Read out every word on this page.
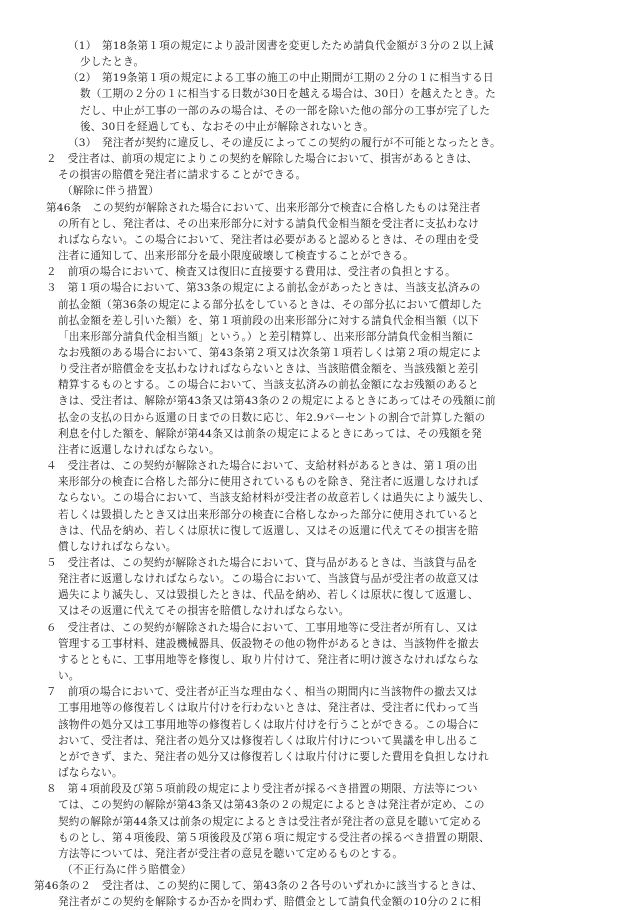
（1）　第18条第１項の規定により設計図書を変更したため請負代金額が３分の２以上減

少したとき。

（2）　第19条第１項の規定による工事の施工の中止期間が工期の２分の１に相当する日

数（工期の２分の１に相当する日数が30日を越える場合は、30日）を越えたとき。た

だし、中止が工事の一部のみの場合は、その一部を除いた他の部分の工事が完了した

後、30日を経過しても、なおその中止が解除されないとき。

（3）　発注者が契約に違反し、その違反によってこの契約の履行が不可能となったとき。

２　受注者は、前項の規定によりこの契約を解除した場合において、損害があるときは、

その損害の賠償を発注者に請求することができる。

（解除に伴う措置）

第46条　この契約が解除された場合において、出来形部分で検査に合格したものは発注者

の所有とし、発注者は、その出来形部分に対する請負代金相当額を受注者に支払わなけ

ればならない。この場合において、発注者は必要があると認めるときは、その理由を受

注者に通知して、出来形部分を最小限度破壊して検査することができる。

２　前項の場合において、検査又は復旧に直接要する費用は、受注者の負担とする。

３　第１項の場合において、第33条の規定による前払金があったときは、当該支払済みの

前払金額（第36条の規定による部分払をしているときは、その部分払において償却した

前払金額を差し引いた額）を、第１項前段の出来形部分に対する請負代金相当額（以下

「出来形部分請負代金相当額」という。）と差引精算し、出来形部分請負代金相当額に

なお残額のある場合において、第43条第２項又は次条第１項若しくは第２項の規定によ

り受注者が賠償金を支払わなければならないときは、当該賠償金額を、当該残額と差引

精算するものとする。この場合において、当該支払済みの前払金額になお残額のあると

きは、受注者は、解除が第43条又は第43条の２の規定によるときにあってはその残額に前

払金の支払の日から返還の日までの日数に応じ、年2.9パーセントの割合で計算した額の

利息を付した額を、解除が第44条又は前条の規定によるときにあっては、その残額を発

注者に返還しなければならない。

４　受注者は、この契約が解除された場合において、支給材料があるときは、第１項の出

来形部分の検査に合格した部分に使用されているものを除き、発注者に返還しなければ

ならない。この場合において、当該支給材料が受注者の故意若しくは過失により滅失し、

若しくは毀損したとき又は出来形部分の検査に合格しなかった部分に使用されていると

きは、代品を納め、若しくは原状に復して返還し、又はその返還に代えてその損害を賠

償しなければならない。

５　受注者は、この契約が解除された場合において、貸与品があるときは、当該貸与品を

発注者に返還しなければならない。この場合において、当該貸与品が受注者の故意又は

過失により滅失し、又は毀損したときは、代品を納め、若しくは原状に復して返還し、

又はその返還に代えてその損害を賠償しなければならない。

６　受注者は、この契約が解除された場合において、工事用地等に受注者が所有し、又は

管理する工事材料、建設機械器具、仮設物その他の物件があるときは、当該物件を撤去

するとともに、工事用地等を修復し、取り片付けて、発注者に明け渡さなければならな

い。

７　前項の場合において、受注者が正当な理由なく、相当の期間内に当該物件の撤去又は

工事用地等の修復若しくは取片付けを行わないときは、発注者は、受注者に代わって当

該物件の処分又は工事用地等の修復若しくは取片付けを行うことができる。この場合に

おいて、受注者は、発注者の処分又は修復若しくは取片付けについて異議を申し出るこ

とができず、また、発注者の処分又は修復若しくは取片付けに要した費用を負担しなけれ

ばならない。

８　第４項前段及び第５項前段の規定により受注者が採るべき措置の期限、方法等につい

ては、この契約の解除が第43条又は第43条の２の規定によるときは発注者が定め、この

契約の解除が第44条又は前条の規定によるときは受注者が発注者の意見を聴いて定める

ものとし、第４項後段、第５項後段及び第６項に規定する受注者の採るべき措置の期限、

方法等については、発注者が受注者の意見を聴いて定めるものとする。

（不正行為に伴う賠償金）

第46条の２　受注者は、この契約に関して、第43条の２各号のいずれかに該当するときは、

発注者がこの契約を解除するか否かを問わず、賠償金として請負代金額の10分の２に相
